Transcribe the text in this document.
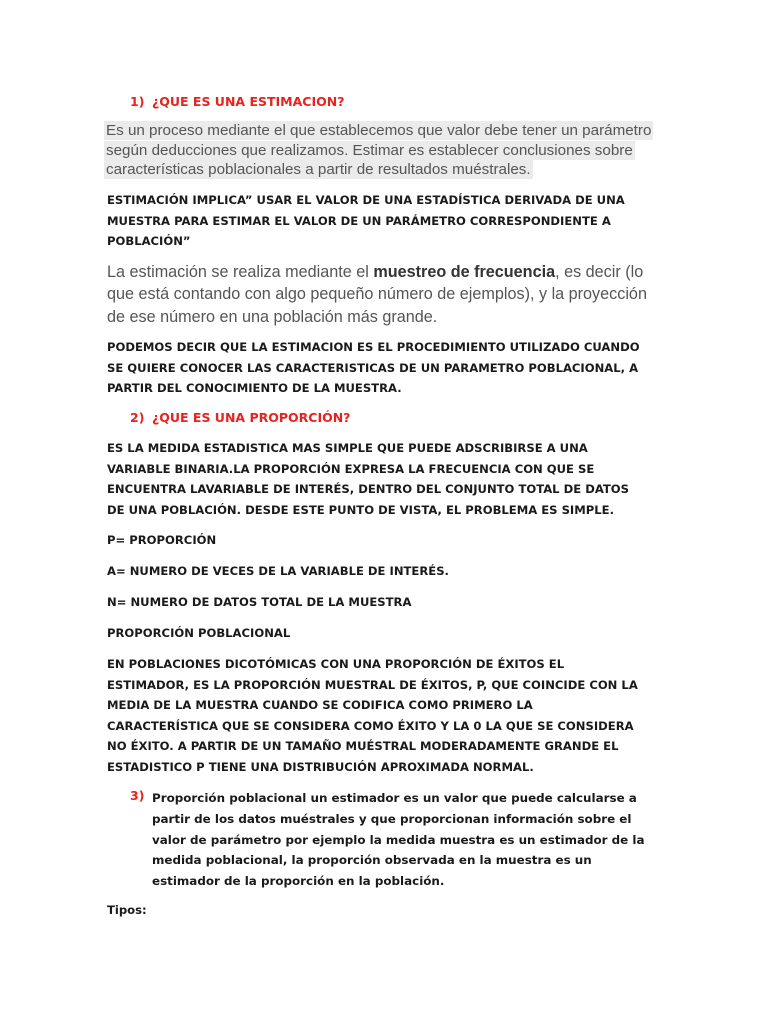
1) ¿QUE ES UNA ESTIMACION?
Es un proceso mediante el que establecemos que valor debe tener un parámetro según deducciones que realizamos. Estimar es establecer conclusiones sobre características poblacionales a partir de resultados muéstrales.
ESTIMACIÓN IMPLICA” USAR EL VALOR DE UNA ESTADÍSTICA DERIVADA DE UNA MUESTRA PARA ESTIMAR EL VALOR DE UN PARÁMETRO CORRESPONDIENTE A POBLACIÓN”
La estimación se realiza mediante el muestreo de frecuencia, es decir (lo que está contando con algo pequeño número de ejemplos), y la proyección de ese número en una población más grande.
PODEMOS DECIR QUE LA ESTIMACION ES EL PROCEDIMIENTO UTILIZADO CUANDO SE QUIERE CONOCER LAS CARACTERISTICAS DE UN PARAMETRO POBLACIONAL, A PARTIR DEL CONOCIMIENTO DE LA MUESTRA.
2) ¿QUE ES UNA PROPORCIÓN?
ES LA MEDIDA ESTADISTICA MAS SIMPLE QUE PUEDE ADSCRIBIRSE A UNA VARIABLE BINARIA.LA PROPORCIÓN EXPRESA LA FRECUENCIA CON QUE SE ENCUENTRA LAVARIABLE DE INTERÉS, DENTRO DEL CONJUNTO TOTAL DE DATOS DE UNA POBLACIÓN. DESDE ESTE PUNTO DE VISTA, EL PROBLEMA ES SIMPLE.
P= PROPORCIÓN
A= NUMERO DE VECES DE LA VARIABLE DE INTERÉS.
N= NUMERO DE DATOS TOTAL DE LA MUESTRA
PROPORCIÓN POBLACIONAL
EN POBLACIONES DICOTÓMICAS CON UNA PROPORCIÓN DE ÉXITOS EL ESTIMADOR, ES LA PROPORCIÓN MUESTRAL DE ÉXITOS, P, QUE COINCIDE CON LA MEDIA DE LA MUESTRA CUANDO SE CODIFICA COMO PRIMERO LA CARACTERÍSTICA QUE SE CONSIDERA COMO ÉXITO Y LA 0 LA QUE SE CONSIDERA NO ÉXITO. A PARTIR DE UN TAMAÑO MUÉSTRAL MODERADAMENTE GRANDE EL ESTADISTICO P TIENE UNA DISTRIBUCIÓN APROXIMADA NORMAL.
3) Proporción poblacional un estimador es un valor que puede calcularse a partir de los datos muéstrales y que proporcionan información sobre el valor de parámetro por ejemplo la medida muestra es un estimador de la medida poblacional, la proporción observada en la muestra es un estimador de la proporción en la población.
Tipos:
